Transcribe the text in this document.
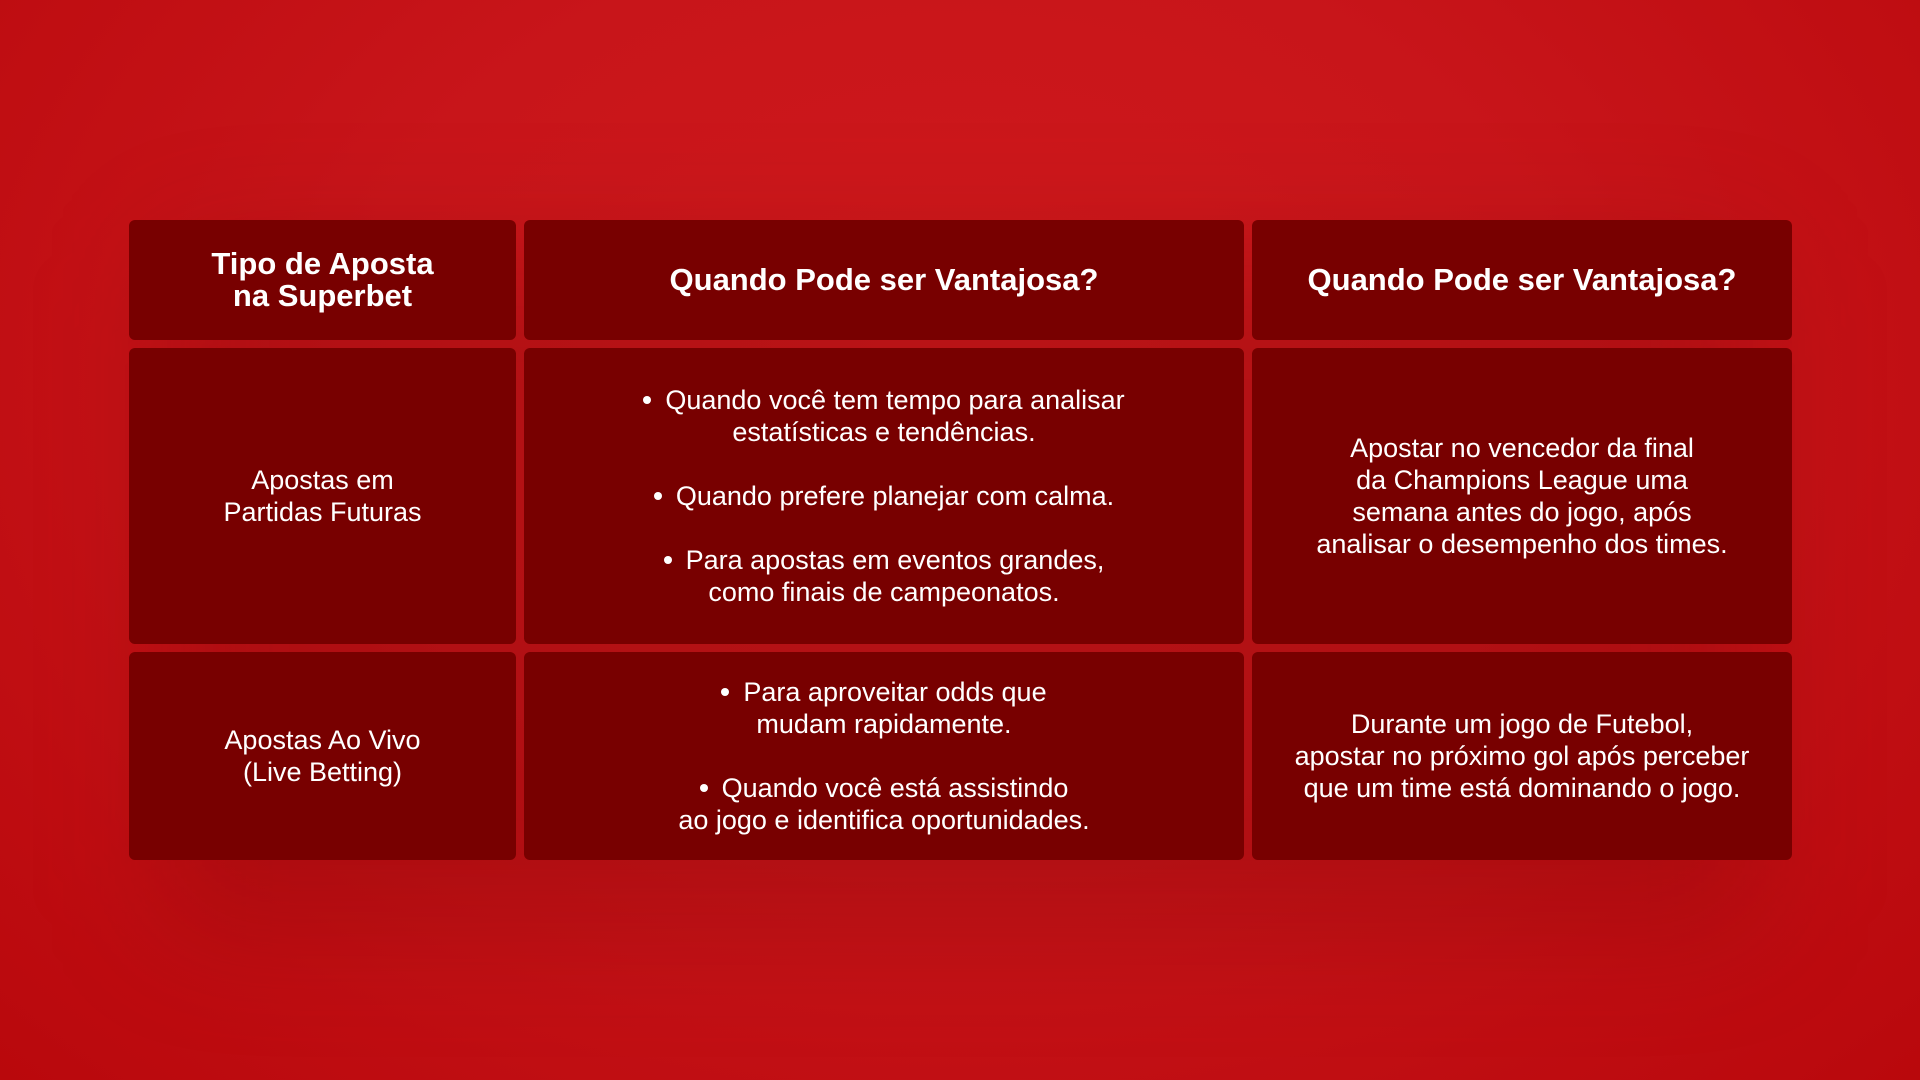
Tipo de Aposta
na Superbet	Quando Pode ser Vantajosa?	Quando Pode ser Vantajosa?
Apostas em
Partidas Futuras
Quando você tem tempo para analisar
estatísticas e tendências.
Quando prefere planejar com calma.
Para apostas em eventos grandes,
como finais de campeonatos.
Apostar no vencedor da final
da Champions League uma
semana antes do jogo, após
analisar o desempenho dos times.
Apostas Ao Vivo
(Live Betting)
Para aproveitar odds que
mudam rapidamente.
Quando você está assistindo
ao jogo e identifica oportunidades.
Durante um jogo de Futebol,
apostar no próximo gol após perceber
que um time está dominando o jogo.
